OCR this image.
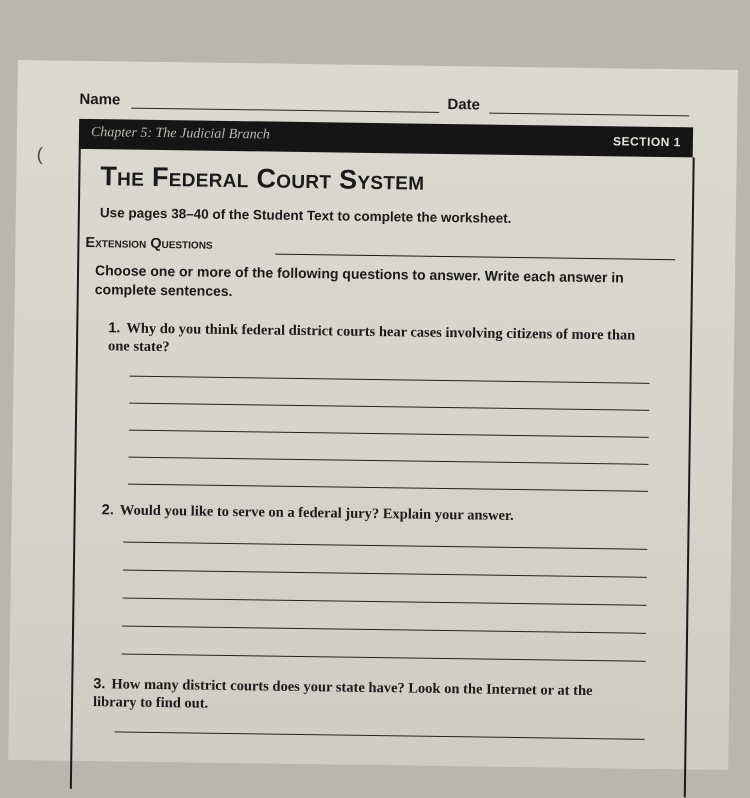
(
Name	Date
Chapter 5: The Judicial Branch	SECTION 1
The Federal Court System
Use pages 38–40 of the Student Text to complete the worksheet.
Extension Questions
Choose one or more of the following questions to answer. Write each answer in complete sentences.
1. Why do you think federal district courts hear cases involving citizens of more than one state?
2. Would you like to serve on a federal jury? Explain your answer.
3. How many district courts does your state have? Look on the Internet or at the library to find out.
